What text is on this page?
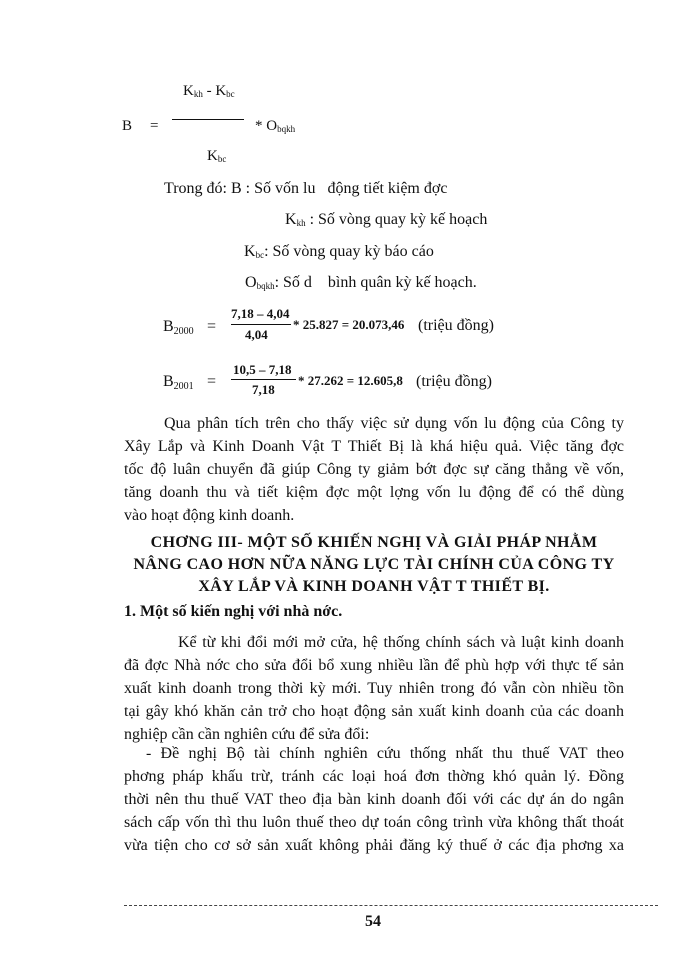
$K_{kh} - K_{bc}$
B =	* $O_{bqkh}$
$K_{bc}$
Trong đó: B : Số vốn lu   động tiết kiệm đợc
$K_{kh}$ : Số vòng quay kỳ kế hoạch
$K_{bc}$: Số vòng quay kỳ báo cáo
$O_{bqkh}$: Số d    bình quân kỳ kế hoạch.
B2000 =
7,18 – 4,04
4,04
* 25.827 = 20.073,46 (triệu đồng)
B2001 =
10,5 – 7,18
7,18
* 27.262 = 12.605,8 (triệu đồng)
Qua phân tích trên cho thấy việc sử dụng vốn lu động của Công ty
Xây Lắp và Kinh Doanh Vật T Thiết Bị là khá hiệu quả. Việc tăng đợc
tốc độ luân chuyển đã giúp Công ty giảm bớt đợc sự căng thẳng về vốn,
tăng doanh thu và tiết kiệm đợc một lợng vốn lu động để có thể dùng
vào hoạt động kinh doanh.
CHƠNG III- MỘT SỐ KHIẾN NGHỊ VÀ GIẢI PHÁP NHẰM
NÂNG CAO HƠN NỮA NĂNG LỰC TÀI CHÍNH CỦA CÔNG TY
XÂY LẮP VÀ KINH DOANH VẬT T THIẾT BỊ.
1. Một số kiến nghị với nhà nớc.
Kể từ khi đổi mới mở cửa, hệ thống chính sách và luật kinh doanh
đã đợc Nhà nớc cho sửa đổi bổ xung nhiều lần để phù hợp với thực tế sản
xuất kinh doanh trong thời kỳ mới. Tuy nhiên trong đó vẫn còn nhiều tồn
tại gây khó khăn cản trở cho hoạt động sản xuất kinh doanh của các doanh
nghiệp cần cần nghiên cứu để sửa đổi:
- Đề nghị Bộ tài chính nghiên cứu thống nhất thu thuế VAT theo
phơng pháp khấu trừ, tránh các loại hoá đơn thờng khó quản lý. Đồng
thời nên thu thuế VAT theo địa bàn kinh doanh đối với các dự án do ngân
sách cấp vốn thì thu luôn thuế theo dự toán công trình vừa không thất thoát
vừa tiện cho cơ sở sản xuất không phải đăng ký thuế ở các địa phơng xa
54
